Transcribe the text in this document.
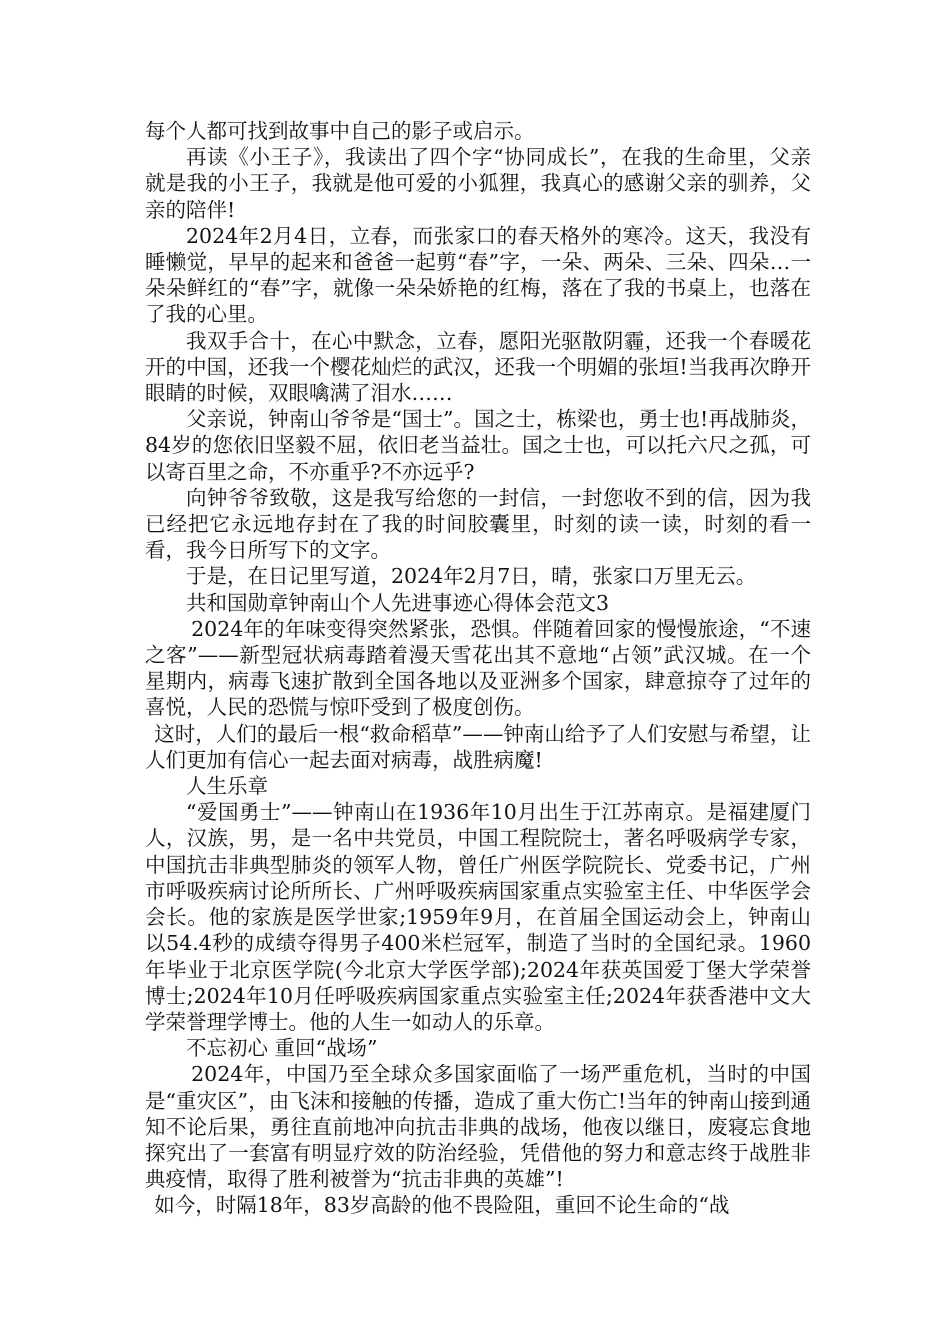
每个人都可找到故事中自己的影子或启示。

再读《小王子》，我读出了四个字“协同成长”，在我的生命里，父亲就是我的小王子，我就是他可爱的小狐狸，我真心的感谢父亲的驯养，父亲的陪伴!

2024年2月4日，立春，而张家口的春天格外的寒冷。这天，我没有睡懒觉，早早的起来和爸爸一起剪“春”字，一朵、两朵、三朵、四朵…一朵朵鲜红的“春”字，就像一朵朵娇艳的红梅，落在了我的书桌上，也落在了我的心里。

我双手合十，在心中默念，立春，愿阳光驱散阴霾，还我一个春暖花开的中国，还我一个樱花灿烂的武汉，还我一个明媚的张垣!当我再次睁开眼睛的时候，双眼噙满了泪水……

父亲说，钟南山爷爷是“国士”。国之士，栋梁也，勇士也!再战肺炎，84岁的您依旧坚毅不屈，依旧老当益壮。国之士也，可以托六尺之孤，可以寄百里之命，不亦重乎?不亦远乎?

向钟爷爷致敬，这是我写给您的一封信，一封您收不到的信，因为我已经把它永远地存封在了我的时间胶囊里，时刻的读一读，时刻的看一看，我今日所写下的文字。

于是，在日记里写道，2024年2月7日，晴，张家口万里无云。

共和国勋章钟南山个人先进事迹心得体会范文3

2024年的年味变得突然紧张，恐惧。伴随着回家的慢慢旅途，“不速之客”——新型冠状病毒踏着漫天雪花出其不意地“占领”武汉城。在一个星期内，病毒飞速扩散到全国各地以及亚洲多个国家，肆意掠夺了过年的喜悦，人民的恐慌与惊吓受到了极度创伤。

这时，人们的最后一根“救命稻草”——钟南山给予了人们安慰与希望，让人们更加有信心一起去面对病毒，战胜病魔!

人生乐章

“爱国勇士”——钟南山在1936年10月出生于江苏南京。是福建厦门人，汉族，男，是一名中共党员，中国工程院院士，著名呼吸病学专家，中国抗击非典型肺炎的领军人物，曾任广州医学院院长、党委书记，广州市呼吸疾病讨论所所长、广州呼吸疾病国家重点实验室主任、中华医学会会长。他的家族是医学世家;1959年9月，在首届全国运动会上，钟南山以54.4秒的成绩夺得男子400米栏冠军，制造了当时的全国纪录。1960年毕业于北京医学院(今北京大学医学部);2024年获英国爱丁堡大学荣誉博士;2024年10月任呼吸疾病国家重点实验室主任;2024年获香港中文大学荣誉理学博士。他的人生一如动人的乐章。

不忘初心 重回“战场”

2024年，中国乃至全球众多国家面临了一场严重危机，当时的中国是“重灾区”，由飞沫和接触的传播，造成了重大伤亡!当年的钟南山接到通知不论后果，勇往直前地冲向抗击非典的战场，他夜以继日，废寝忘食地探究出了一套富有明显疗效的防治经验，凭借他的努力和意志终于战胜非典疫情，取得了胜利被誉为“抗击非典的英雄”!

如今，时隔18年，83岁高龄的他不畏险阻，重回不论生命的“战
